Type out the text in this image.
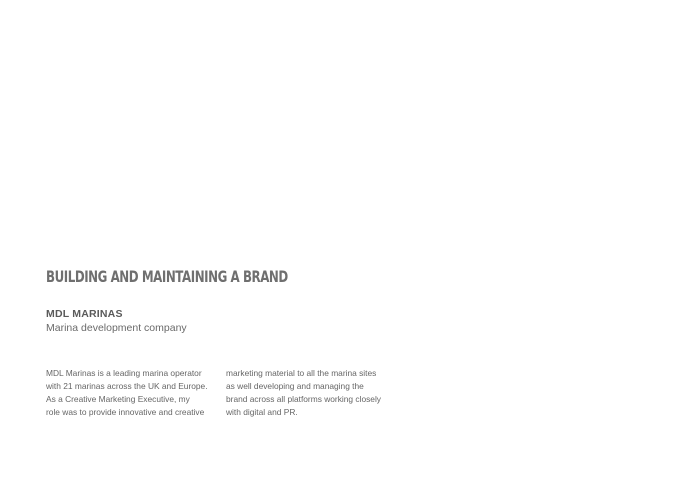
BUILDING AND MAINTAINING A BRAND

MDL MARINAS

Marina development company

MDL Marinas is a leading marina operator
with 21 marinas across the UK and Europe.
As a Creative Marketing Executive, my
role was to provide innovative and creative
marketing material to all the marina sites
as well developing and managing the
brand across all platforms working closely
with digital and PR.
